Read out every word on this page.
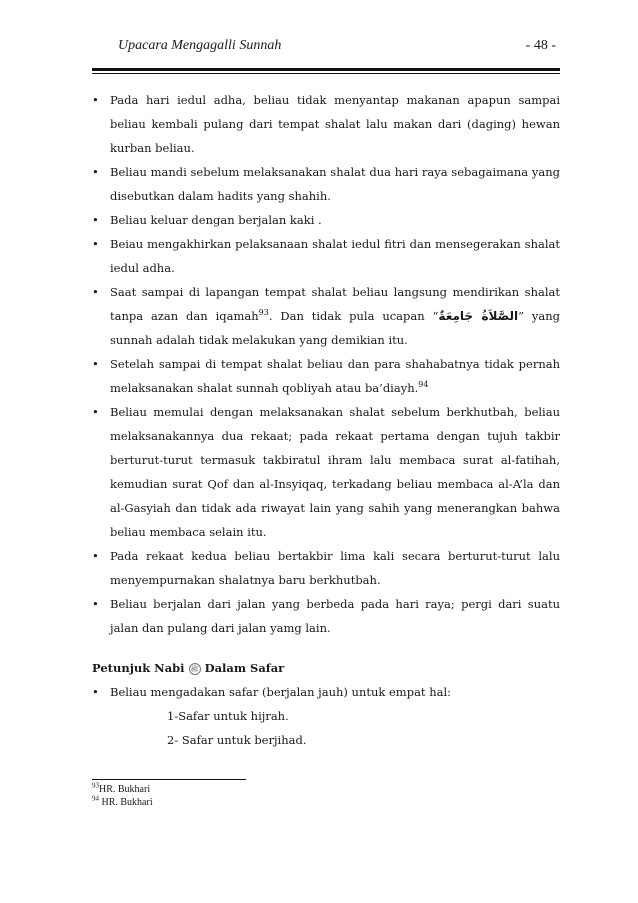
Upacara Mengagalli Sunnah	- 48 -
• Pada hari iedul adha, beliau tidak menyantap makanan apapun sampai beliau kembali pulang dari tempat shalat lalu makan dari (daging) hewan kurban beliau.
• Beliau mandi sebelum melaksanakan shalat dua hari raya sebagaimana yang disebutkan dalam hadits yang shahih.
• Beliau keluar dengan berjalan kaki .
• Beiau mengakhirkan pelaksanaan shalat iedul fitri dan mensegerakan shalat iedul adha.
• Saat sampai di lapangan tempat shalat beliau langsung mendirikan shalat tanpa azan dan iqamah$^{93}$. Dan tidak pula ucapan “الصَّلاَةُ جَامِعَةٌ” yang sunnah adalah tidak melakukan yang demikian itu.
• Setelah sampai di tempat shalat beliau dan para shahabatnya tidak pernah melaksanakan shalat sunnah qobliyah atau ba’diayh.$^{94}$
• Beliau memulai dengan melaksanakan shalat sebelum berkhutbah, beliau melaksanakannya dua rekaat; pada rekaat pertama dengan tujuh takbir berturut-turut termasuk takbiratul ihram lalu membaca surat al-fatihah, kemudian surat Qof dan al-Insyiqaq, terkadang beliau membaca al-A’la dan al-Gasyiah dan tidak ada riwayat lain yang sahih yang menerangkan bahwa beliau membaca selain itu.
• Pada rekaat kedua beliau bertakbir lima kali secara berturut-turut lalu menyempurnakan shalatnya baru berkhutbah.
• Beliau berjalan dari jalan yang berbeda pada hari raya; pergi dari suatu jalan dan pulang dari jalan yamg lain.

Petunjuk Nabi ﷺ Dalam Safar

• Beliau mengadakan safar (berjalan jauh) untuk empat hal:

1-Safar untuk hijrah.

2- Safar untuk berjihad.

$^{93}$HR. Bukhari
$^{94}$ HR. Bukhari
